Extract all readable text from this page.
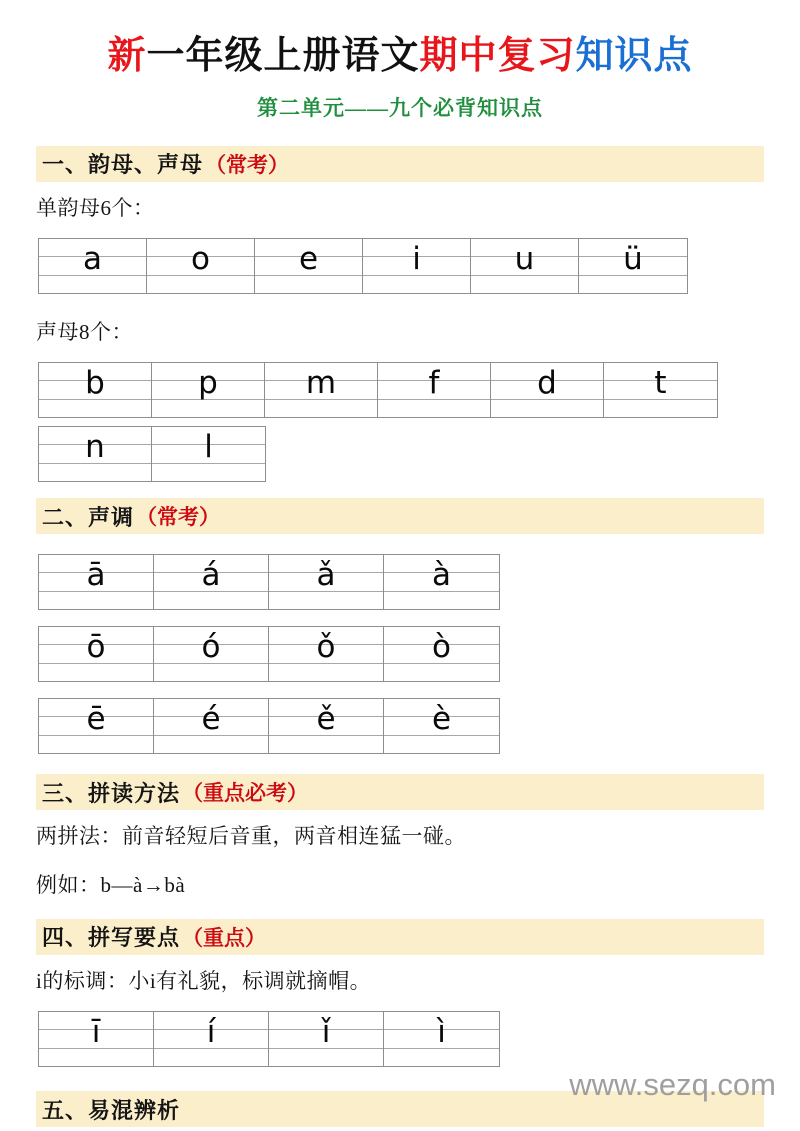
新一年级上册语文期中复习知识点
第二单元——九个必背知识点
一、韵母、声母 （常考）
单韵母6个：
a	o	e	i	u	ü
声母8个：
b	p	m	f	d	t
n	l
二、声调 （常考）
ā	á	ǎ	à
ō	ó	ǒ	ò
ē	é	ě	è
三、拼读方法 （重点必考）
两拼法：前音轻短后音重，两音相连猛一碰。
例如：b—à→bà
四、拼写要点 （重点）
i的标调：小i有礼貌，标调就摘帽。
ī	í	ǐ	ì
五、易混辨析
www.sezq.com
